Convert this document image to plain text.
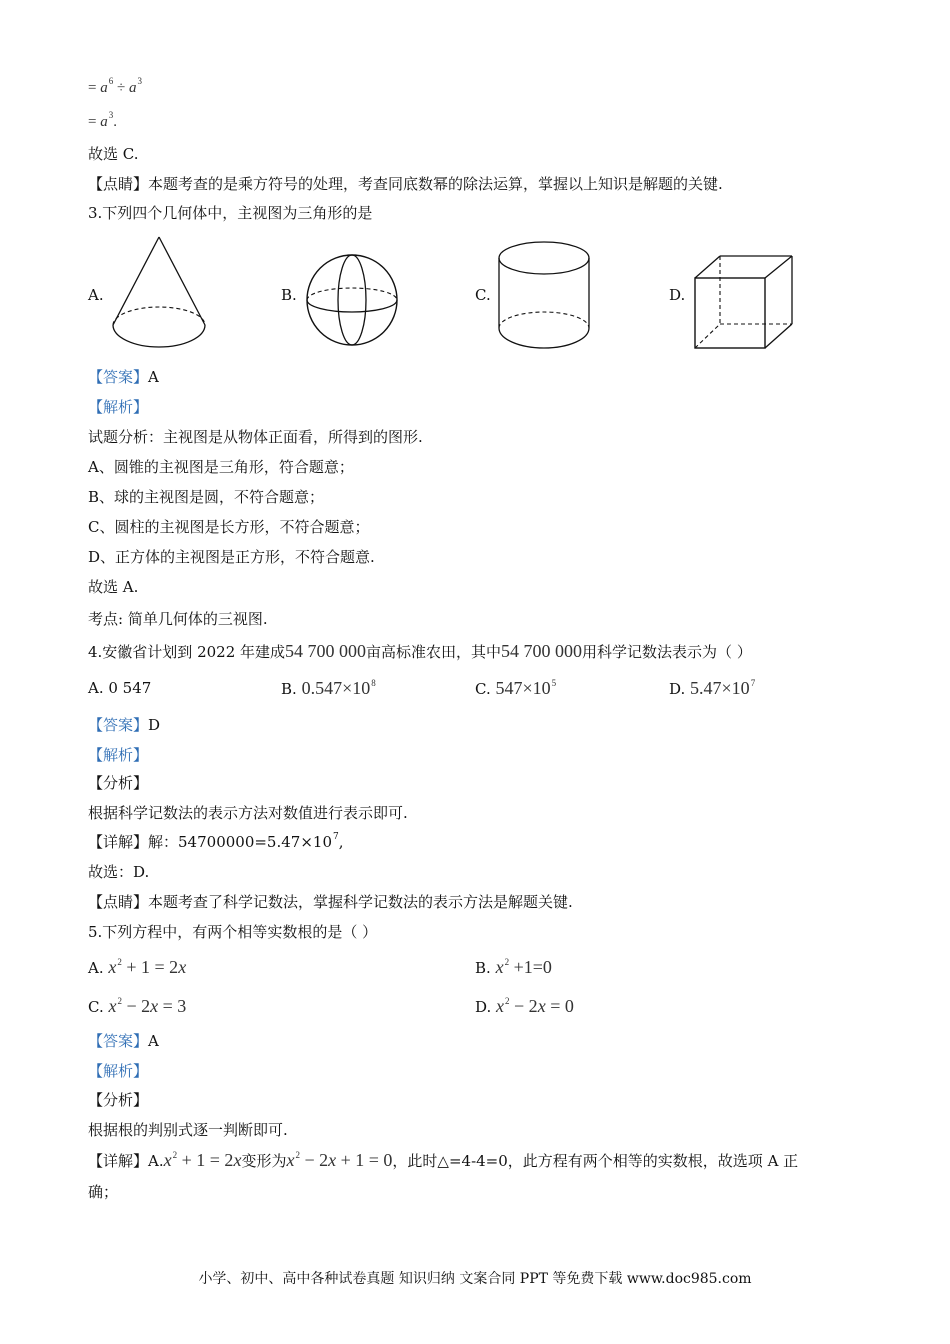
= $a^6 \div a^3$
= $a^3$.
故选 C.
【点睛】本题考查的是乘方符号的处理，考查同底数幂的除法运算，掌握以上知识是解题的关键.
3.下列四个几何体中，主视图为三角形的是
A.	B.	C.	D.
【答案】A
【解析】
试题分析：主视图是从物体正面看，所得到的图形.
A、圆锥的主视图是三角形，符合题意；
B、球的主视图是圆，不符合题意；
C、圆柱的主视图是长方形，不符合题意；
D、正方体的主视图是正方形，不符合题意.
故选 A.
考点: 简单几何体的三视图.
4.安徽省计划到 2022 年建成54 700 000亩高标准农田，其中54 700 000用科学记数法表示为（ ）
A. 0 547	B. $0.547\times 10^8$	C. $547\times 10^5$	D. $5.47\times 10^7$
【答案】D
【解析】
【分析】
根据科学记数法的表示方法对数值进行表示即可.
【详解】解：$54700000=5.47\times 10^7$,
故选：D.
【点睛】本题考查了科学记数法，掌握科学记数法的表示方法是解题关键.
5.下列方程中，有两个相等实数根的是（ ）
A. $x^2 + 1 = 2x$	B. $x^2 +1=0$
C. $x^2 - 2x = 3$	D. $x^2 - 2x = 0$
【答案】A
【解析】
【分析】
根据根的判别式逐一判断即可.
【详解】$A.x^2 + 1 = 2x$变形为$x^2 - 2x + 1 = 0$，此时△=4-4=0，此方程有两个相等的实数根，故选项 A 正
确；
小学、初中、高中各种试卷真题 知识归纳 文案合同 PPT 等免费下载 www.doc985.com
